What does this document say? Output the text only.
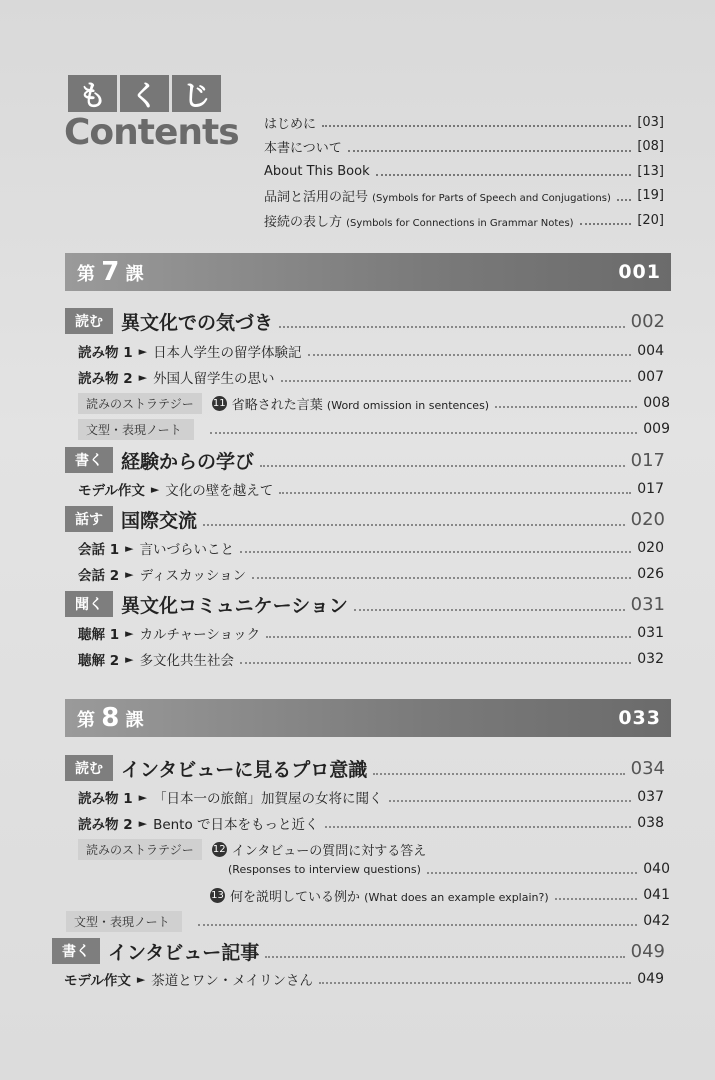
も く じ
Contents はじめに	[03]
本書について	[08]
About This Book	[13]
品詞と活用の記号 (Symbols for Parts of Speech and Conjugations) [19]
接続の表し方 (Symbols for Connections in Grammar Notes)	[20]
第 7 課	001
読む 異文化での気づき	002
読み物 1 ► 日本人学生の留学体験記	004
読み物 2 ► 外国人留学生の思い	007
読みのストラテジー	11 省略された言葉 (Word omission in sentences)	008
文型・表現ノート	009
書く 経験からの学び	017
モデル作文 ► 文化の壁を越えて	017
話す 国際交流	020
会話 1 ► 言いづらいこと	020
会話 2 ► ディスカッション	026
聞く 異文化コミュニケーション	031
聴解 1 ► カルチャーショック	031
聴解 2 ► 多文化共生社会	032
第 8 課	033
読む インタビューに見るプロ意識	034
読み物 1 ► 「日本一の旅館」加賀屋の女将に聞く	037
読み物 2 ► Bento で日本をもっと近く	038
読みのストラテジー	12 インタビューの質問に対する答え
(Responses to interview questions)	040
13 何を説明している例か (What does an example explain?)	041
文型・表現ノート	042
書く インタビュー記事	049
モデル作文 ► 茶道とワン・メイリンさん	049
